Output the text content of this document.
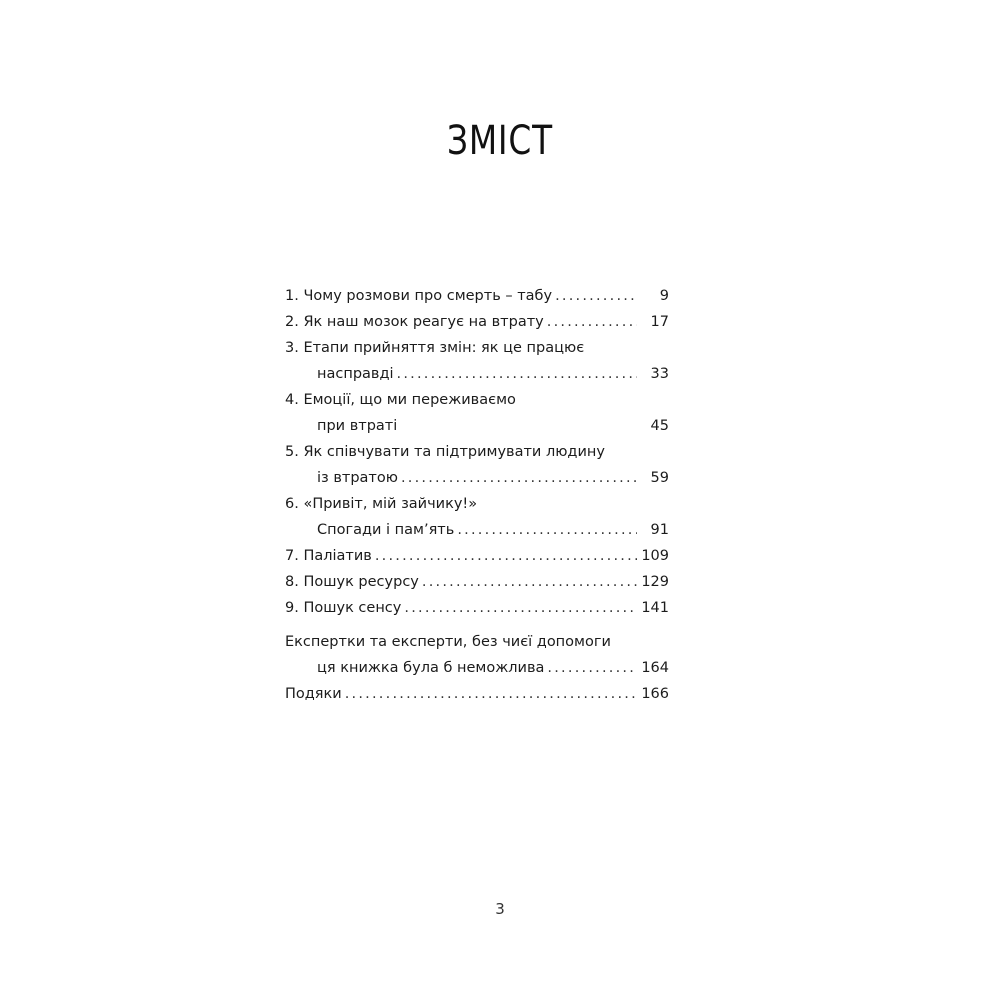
ЗМІСТ
1. Чому розмови про смерть – табу . . .	9
2. Як наш мозок реагує на втрату . . .	17
3. Етапи прийняття змін: як це працює
насправді . . .	33
4. Емоції, що ми переживаємо
при втраті	45
5. Як співчувати та підтримувати людину
із втратою . . .	59
6. «Привіт, мій зайчику!»
Спогади і пам’ять . . .	91
7. Паліатив . . .	109
8. Пошук ресурсу . . .	129
9. Пошук сенсу . . .	141
Експертки та експерти, без чиєї допомоги
ця книжка була б неможлива . . .	164
Подяки . . .	166
3
